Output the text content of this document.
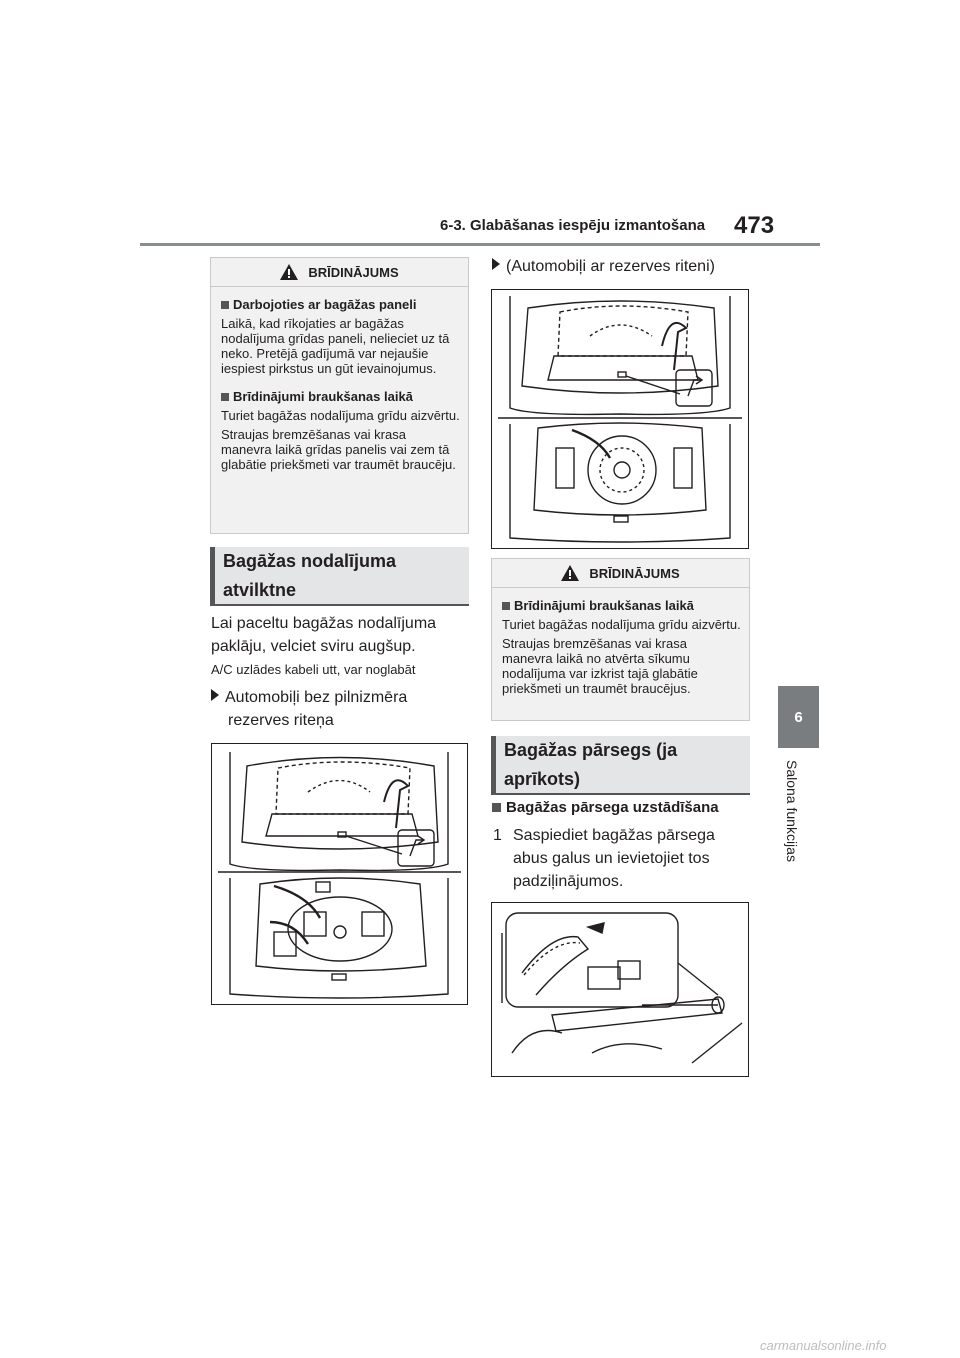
6-3. Glabāšanas iespēju izmantošana 473
6
Salona funkcijas
BRĪDINĀJUMS
Darbojoties ar bagāžas paneli
Laikā, kad rīkojaties ar bagāžas nodalījuma grīdas paneli, nelieciet uz tā neko. Pretējā gadījumā var nejaušie iespiest pirkstus un gūt ievainojumus.
Brīdinājumi braukšanas laikā
Turiet bagāžas nodalījuma grīdu aizvērtu.
Straujas bremzēšanas vai krasa manevra laikā grīdas panelis vai zem tā glabātie priekšmeti var traumēt braucēju.
Bagāžas nodalījuma atvilktne
Lai paceltu bagāžas nodalījuma paklāju, velciet sviru augšup.
A/C uzlādes kabeli utt, var noglabāt
Automobiļi bez pilnizmēra rezerves riteņa
(Automobiļi ar rezerves riteni)
BRĪDINĀJUMS
Brīdinājumi braukšanas laikā
Turiet bagāžas nodalījuma grīdu aizvērtu.
Straujas bremzēšanas vai krasa manevra laikā no atvērta sīkumu nodalījuma var izkrist tajā glabātie priekšmeti un traumēt braucējus.
Bagāžas pārsegs (ja aprīkots)
Bagāžas pārsega uzstādīšana
1 Saspiediet bagāžas pārsega abus galus un ievietojiet tos padziļinājumos.
carmanualsonline.info
